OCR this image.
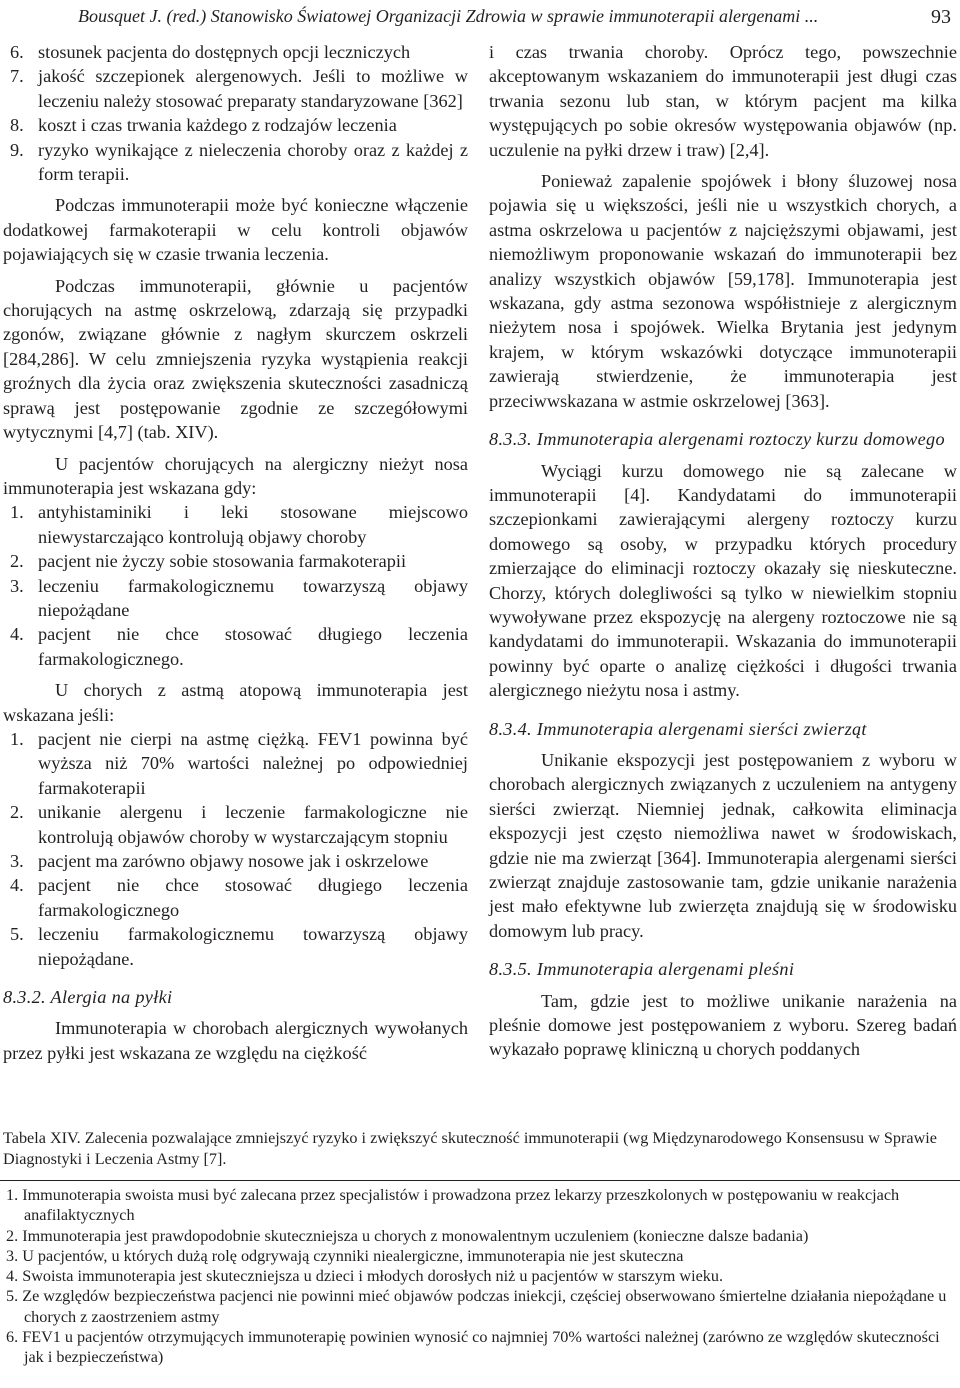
Bousquet J. (red.) Stanowisko Światowej Organizacji Zdrowia w sprawie immunoterapii alergenami ...	93

6. stosunek pacjenta do dostępnych opcji leczniczych

7. jakość szczepionek alergenowych. Jeśli to możliwe w leczeniu należy stosować preparaty standaryzowane [362]

8. koszt i czas trwania każdego z rodzajów leczenia

9. ryzyko wynikające z nieleczenia choroby oraz z każdej z form terapii.

Podczas immunoterapii może być konieczne włączenie dodatkowej farmakoterapii w celu kontroli objawów pojawiających się w czasie trwania leczenia.

Podczas immunoterapii, głównie u pacjentów chorujących na astmę oskrzelową, zdarzają się przypadki zgonów, związane głównie z nagłym skurczem oskrzeli [284,286]. W celu zmniejszenia ryzyka wystąpienia reakcji groźnych dla życia oraz zwiększenia skuteczności zasadniczą sprawą jest postępowanie zgodnie ze szczegółowymi wytycznymi [4,7] (tab. XIV).

U pacjentów chorujących na alergiczny nieżyt nosa immunoterapia jest wskazana gdy:

1. antyhistaminiki i leki stosowane miejscowo niewystarczająco kontrolują objawy choroby

2. pacjent nie życzy sobie stosowania farmakoterapii

3. leczeniu farmakologicznemu towarzyszą objawy niepożądane

4. pacjent nie chce stosować długiego leczenia farmakologicznego.

U chorych z astmą atopową immunoterapia jest wskazana jeśli:

1. pacjent nie cierpi na astmę ciężką. FEV1 powinna być wyższa niż 70% wartości należnej po odpowiedniej farmakoterapii

2. unikanie alergenu i leczenie farmakologiczne nie kontrolują objawów choroby w wystarczającym stopniu

3. pacjent ma zarówno objawy nosowe jak i oskrzelowe

4. pacjent nie chce stosować długiego leczenia farmakologicznego

5. leczeniu farmakologicznemu towarzyszą objawy niepożądane.

8.3.2. Alergia na pyłki

Immunoterapia w chorobach alergicznych wywołanych przez pyłki jest wskazana ze względu na ciężkość

i czas trwania choroby. Oprócz tego, powszechnie akceptowanym wskazaniem do immunoterapii jest długi czas trwania sezonu lub stan, w którym pacjent ma kilka występujących po sobie okresów występowania objawów (np. uczulenie na pyłki drzew i traw) [2,4].

Ponieważ zapalenie spojówek i błony śluzowej nosa pojawia się u większości, jeśli nie u wszystkich chorych, a astma oskrzelowa u pacjentów z najcięższymi objawami, jest niemożliwym proponowanie wskazań do immunoterapii bez analizy wszystkich objawów [59,178]. Immunoterapia jest wskazana, gdy astma sezonowa współistnieje z alergicznym nieżytem nosa i spojówek. Wielka Brytania jest jedynym krajem, w którym wskazówki dotyczące immunoterapii zawierają stwierdzenie, że immunoterapia jest przeciwwskazana w astmie oskrzelowej [363].

8.3.3. Immunoterapia alergenami roztoczy kurzu domowego

Wyciągi kurzu domowego nie są zalecane w immunoterapii [4]. Kandydatami do immunoterapii szczepionkami zawierającymi alergeny roztoczy kurzu domowego są osoby, w przypadku których procedury zmierzające do eliminacji roztoczy okazały się nieskuteczne. Chorzy, których dolegliwości są tylko w niewielkim stopniu wywoływane przez ekspozycję na alergeny roztoczowe nie są kandydatami do immunoterapii. Wskazania do immunoterapii powinny być oparte o analizę ciężkości i długości trwania alergicznego nieżytu nosa i astmy.

8.3.4. Immunoterapia alergenami sierści zwierząt

Unikanie ekspozycji jest postępowaniem z wyboru w chorobach alergicznych związanych z uczuleniem na antygeny sierści zwierząt. Niemniej jednak, całkowita eliminacja ekspozycji jest często niemożliwa nawet w środowiskach, gdzie nie ma zwierząt [364]. Immunoterapia alergenami sierści zwierząt znajduje zastosowanie tam, gdzie unikanie narażenia jest mało efektywne lub zwierzęta znajdują się w środowisku domowym lub pracy.

8.3.5. Immunoterapia alergenami pleśni

Tam, gdzie jest to możliwe unikanie narażenia na pleśnie domowe jest postępowaniem z wyboru. Szereg badań wykazało poprawę kliniczną u chorych poddanych

Tabela XIV. Zalecenia pozwalające zmniejszyć ryzyko i zwiększyć skuteczność immunoterapii (wg Międzynarodowego Konsensusu w Sprawie Diagnostyki i Leczenia Astmy [7].

1. Immunoterapia swoista musi być zalecana przez specjalistów i prowadzona przez lekarzy przeszkolonych w postępowaniu w reakcjach anafilaktycznych
2. Immunoterapia jest prawdopodobnie skuteczniejsza u chorych z monowalentnym uczuleniem (konieczne dalsze badania)
3. U pacjentów, u których dużą rolę odgrywają czynniki niealergiczne, immunoterapia nie jest skuteczna
4. Swoista immunoterapia jest skuteczniejsza u dzieci i młodych dorosłych niż u pacjentów w starszym wieku.
5. Ze względów bezpieczeństwa pacjenci nie powinni mieć objawów podczas iniekcji, częściej obserwowano śmiertelne działania niepożądane u chorych z zaostrzeniem astmy
6. FEV1 u pacjentów otrzymujących immunoterapię powinien wynosić co najmniej 70% wartości należnej (zarówno ze względów skuteczności jak i bezpieczeństwa)
